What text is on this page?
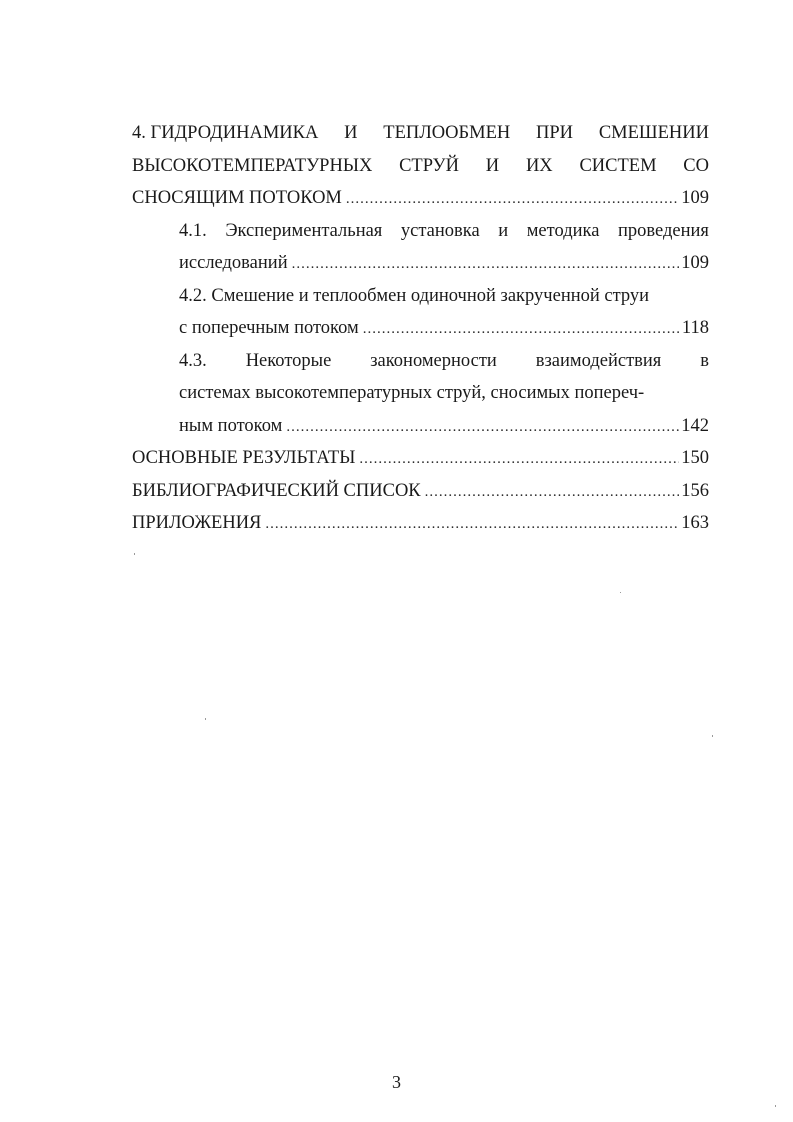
4. ГИДРОДИНАМИКА И ТЕПЛООБМЕН ПРИ СМЕШЕНИИ
ВЫСОКОТЕМПЕРАТУРНЫХ СТРУЙ И ИХ СИСТЕМ СО
СНОСЯЩИМ ПОТОКОМ .....	109
4.1. Экспериментальная установка и методика проведения
исследований .....	109
4.2. Смешение и теплообмен одиночной закрученной струи
с поперечным потоком .....	118
4.3. Некоторые закономерности взаимодействия в
системах высокотемпературных струй, сносимых попереч-
ным потоком .....	142
ОСНОВНЫЕ РЕЗУЛЬТАТЫ .....	150
БИБЛИОГРАФИЧЕСКИЙ СПИСОК .....	156
ПРИЛОЖЕНИЯ .....	163
3
